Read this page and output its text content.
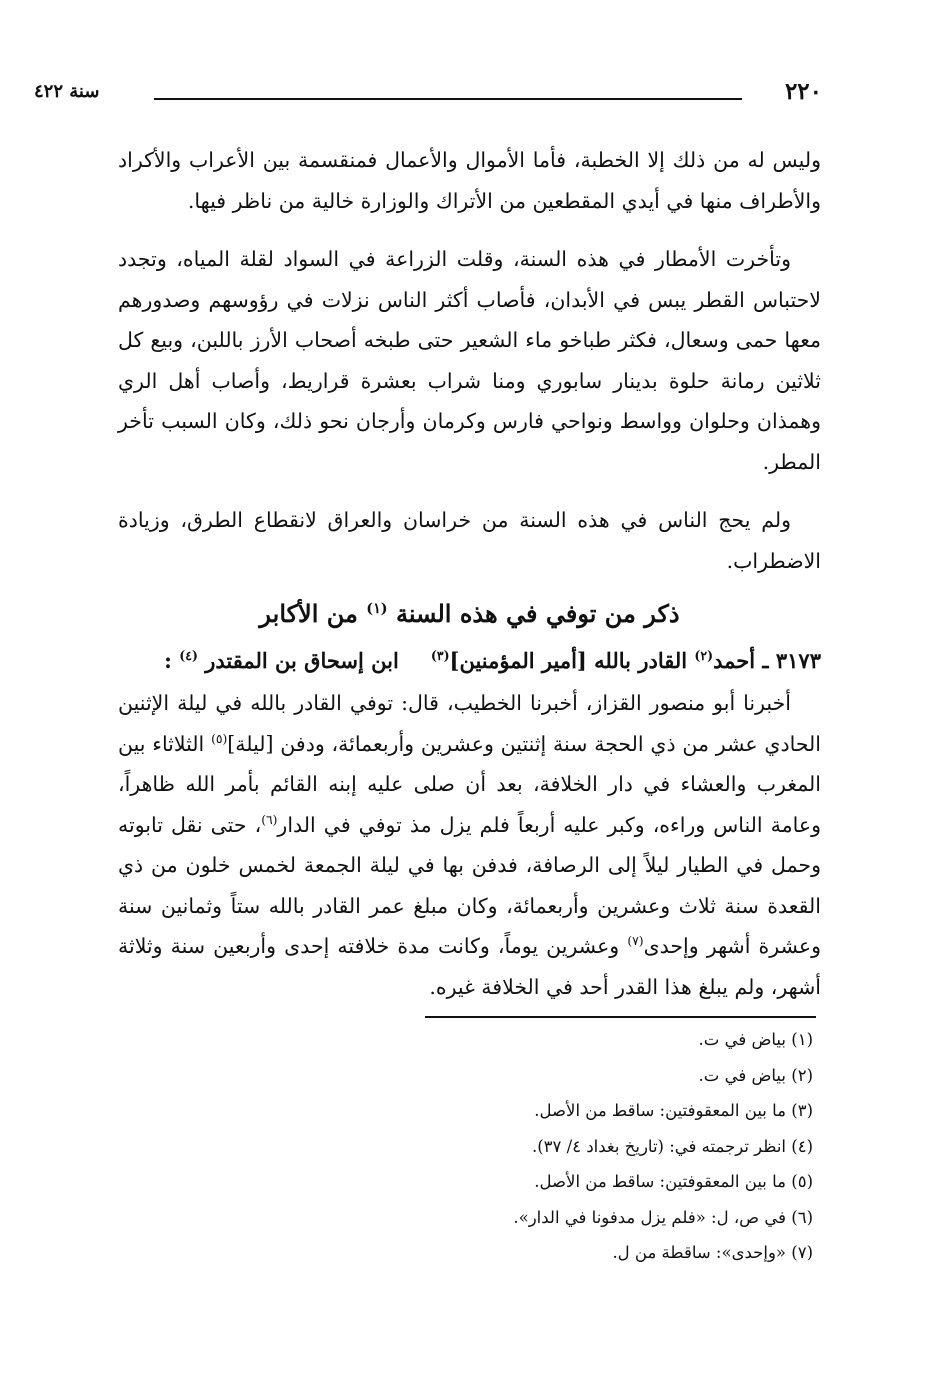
٢٢٠
سنة ٤٢٢

وليس له من ذلك إلا الخطبة، فأما الأموال والأعمال فمنقسمة بين الأعراب والأكراد والأطراف منها في أيدي المقطعين من الأتراك والوزارة خالية من ناظر فيها.

وتأخرت الأمطار في هذه السنة، وقلت الزراعة في السواد لقلة المياه، وتجدد لاحتباس القطر يبس في الأبدان، فأصاب أكثر الناس نزلات في رؤوسهم وصدورهم معها حمى وسعال، فكثر طباخو ماء الشعير حتى طبخه أصحاب الأرز باللبن، وبيع كل ثلاثين رمانة حلوة بدينار سابوري ومنا شراب بعشرة قراريط، وأصاب أهل الري وهمذان وحلوان وواسط ونواحي فارس وكرمان وأرجان نحو ذلك، وكان السبب تأخر المطر.

ولم يحج الناس في هذه السنة من خراسان والعراق لانقطاع الطرق، وزيادة الاضطراب.

ذكر من توفي في هذه السنة $^{(١)}$ من الأكابر
٣١٧٣ ـ أحمد$^{(٢)}$ القادر بالله [أمير المؤمنين]$^{(٣)}$ابن إسحاق بن المقتدر $^{(٤)}$ :

أخبرنا أبو منصور القزاز، أخبرنا الخطيب، قال: توفي القادر بالله في ليلة الإثنين الحادي عشر من ذي الحجة سنة إثنتين وعشرين وأربعمائة، ودفن [ليلة]$^{(٥)}$ الثلاثاء بين المغرب والعشاء في دار الخلافة، بعد أن صلى عليه إبنه القائم بأمر الله ظاهراً، وعامة الناس وراءه، وكبر عليه أربعاً فلم يزل مذ توفي في الدار$^{(٦)}$، حتى نقل تابوته وحمل في الطيار ليلاً إلى الرصافة، فدفن بها في ليلة الجمعة لخمس خلون من ذي القعدة سنة ثلاث وعشرين وأربعمائة، وكان مبلغ عمر القادر بالله ستاً وثمانين سنة وعشرة أشهر وإحدى$^{(٧)}$ وعشرين يوماً، وكانت مدة خلافته إحدى وأربعين سنة وثلاثة أشهر، ولم يبلغ هذا القدر أحد في الخلافة غيره.

(١) بياض في ت.

(٢) بياض في ت.

(٣) ما بين المعقوفتين: ساقط من الأصل.

(٤) انظر ترجمته في: (تاريخ بغداد ٤/ ٣٧).

(٥) ما بين المعقوفتين: ساقط من الأصل.

(٦) في ص، ل: «فلم يزل مدفونا في الدار».

(٧) «وإحدى»: ساقطة من ل.
